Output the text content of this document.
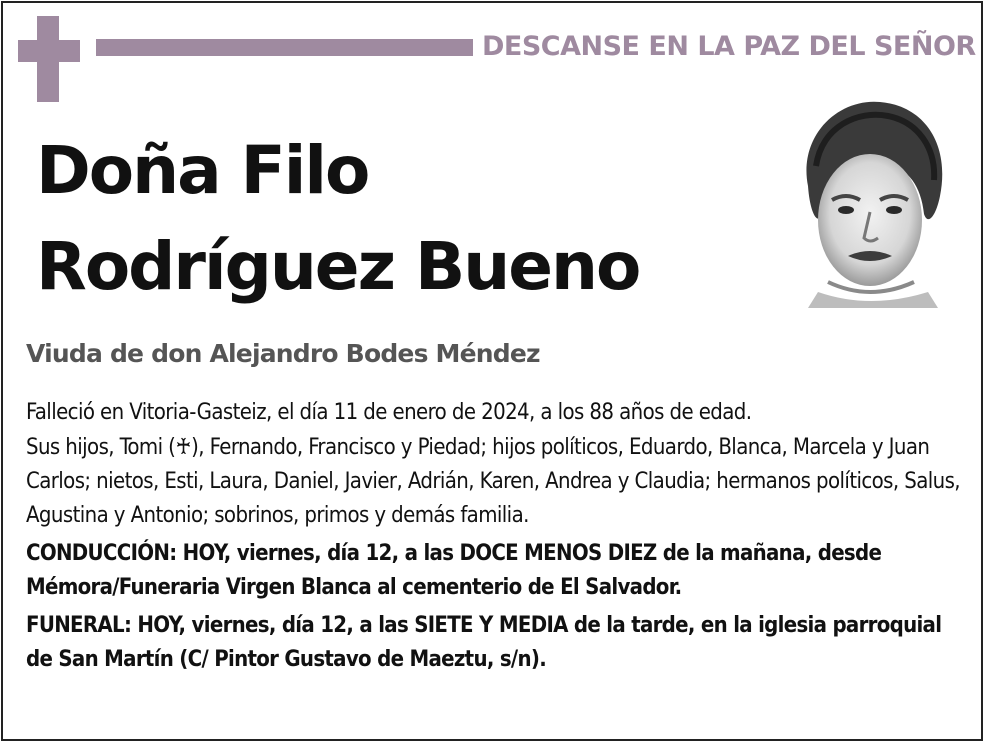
DESCANSE EN LA PAZ DEL SEÑOR
Doña Filo
Rodríguez Bueno
Viuda de don Alejandro Bodes Méndez

Falleció en Vitoria-Gasteiz, el día 11 de enero de 2024, a los 88 años de edad.

Sus hijos, Tomi (♰), Fernando, Francisco y Piedad; hijos políticos, Eduardo, Blanca, Marcela y Juan Carlos; nietos, Esti, Laura, Daniel, Javier, Adrián, Karen, Andrea y Claudia; hermanos políticos, Salus, Agustina y Antonio; sobrinos, primos y demás familia.

CONDUCCIÓN: HOY, viernes, día 12, a las DOCE MENOS DIEZ de la mañana, desde Mémora/Funeraria Virgen Blanca al cementerio de El Salvador.

FUNERAL: HOY, viernes, día 12, a las SIETE Y MEDIA de la tarde, en la iglesia parroquial de San Martín (C/ Pintor Gustavo de Maeztu, s/n).
